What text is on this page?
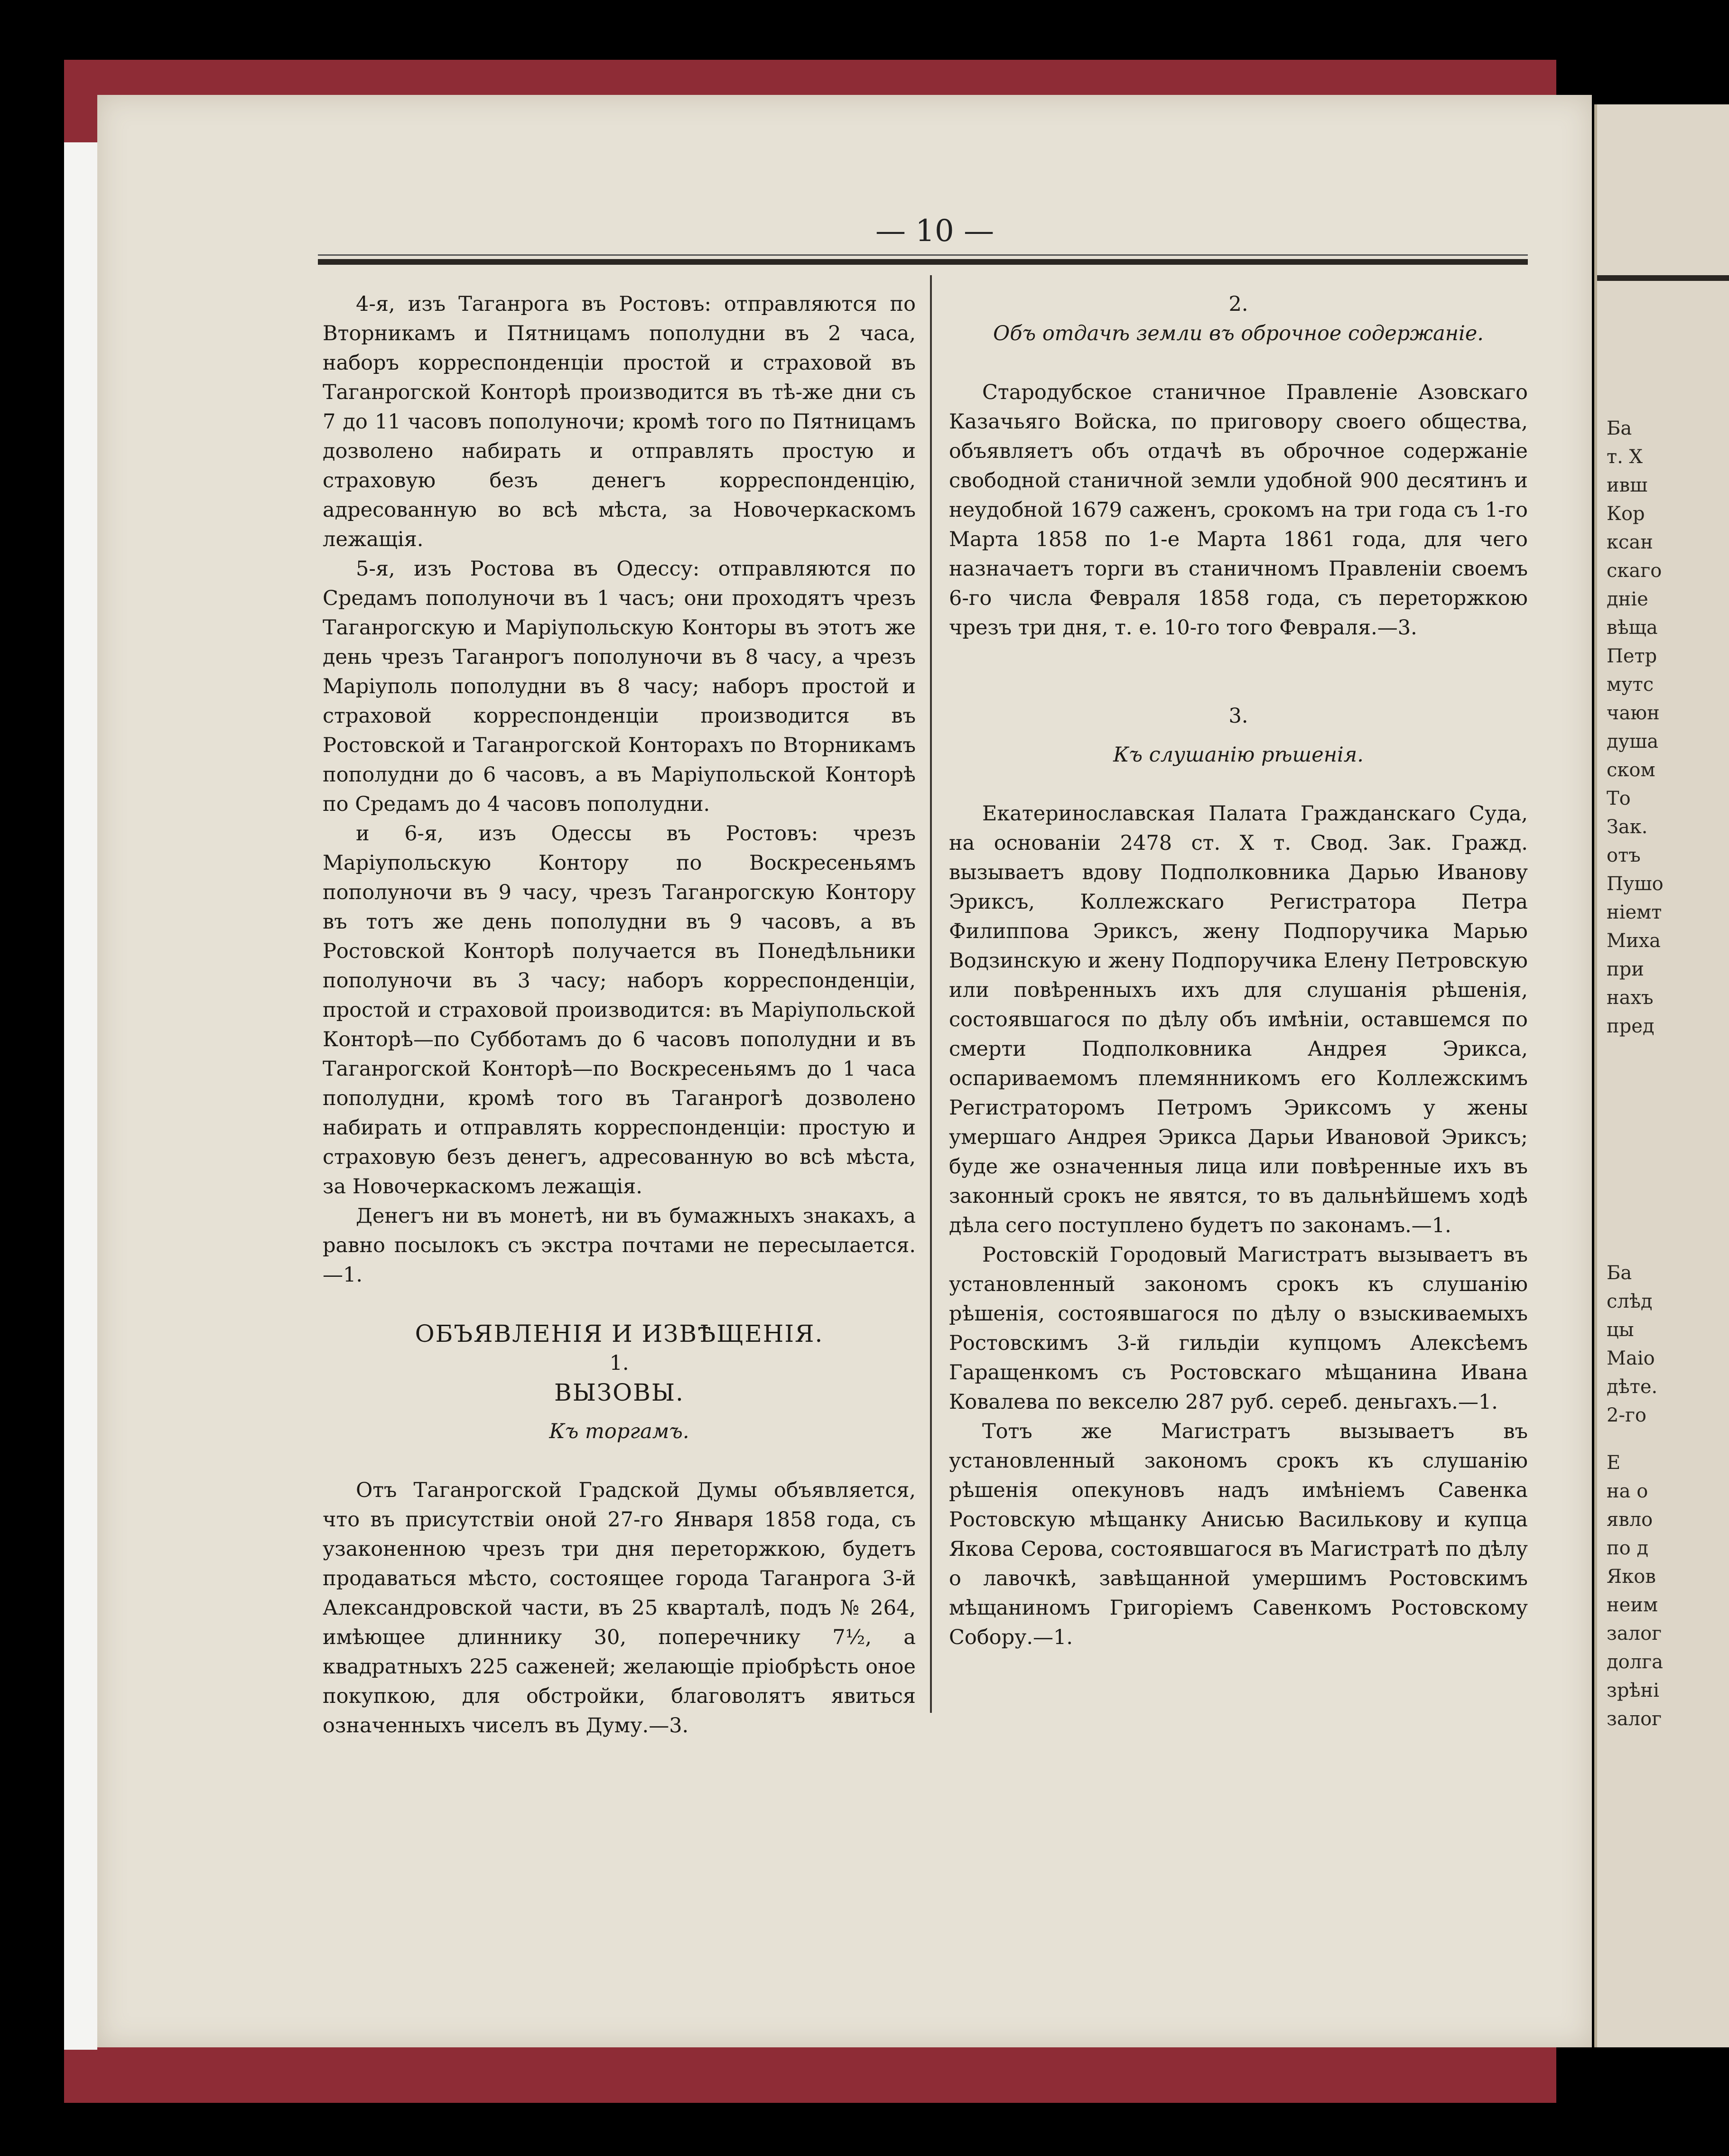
Ба
т. X
ивш
Кор
ксан
скаго
дніе
вѣща
Петр
мутс
чаюн
душа
ском
То
Зак.
отъ
Пушо
ніемт
Миха
при
нахъ
пред
Ба
слѣд
цы
Маіо
дѣте.
2-го
Е
на о
явло
по д
Яков
неим
залог
долга
зрѣні
залог
— 10 —

4-я, изъ Таганрога въ Ростовъ: отправляются по Вторникамъ и Пятницамъ пополудни въ 2 часа, наборъ корреспонденціи простой и страховой въ Таганрогской Конторѣ производится въ тѣ-же дни съ 7 до 11 часовъ пополуночи; кромѣ того по Пятницамъ дозволено набирать и отправлять простую и страховую безъ денегъ корреспонденцію, адресованную во всѣ мѣста, за Новочеркаскомъ лежащія.

5-я, изъ Ростова въ Одессу: отправляются по Средамъ пополуночи въ 1 часъ; они проходятъ чрезъ Таганрогскую и Маріупольскую Конторы въ этотъ же день чрезъ Таганрогъ пополуночи въ 8 часу, а чрезъ Маріуполь пополудни въ 8 часу; наборъ простой и страховой корреспонденціи производится въ Ростовской и Таганрогской Конторахъ по Вторникамъ пополудни до 6 часовъ, а въ Маріупольской Конторѣ по Средамъ до 4 часовъ пополудни.

и 6-я, изъ Одессы въ Ростовъ: чрезъ Маріупольскую Контору по Воскресеньямъ пополуночи въ 9 часу, чрезъ Таганрогскую Контору въ тотъ же день пополудни въ 9 часовъ, а въ Ростовской Конторѣ получается въ Понедѣльники пополуночи въ 3 часу; наборъ корреспонденціи, простой и страховой производится: въ Маріупольской Конторѣ—по Субботамъ до 6 часовъ пополудни и въ Таганрогской Конторѣ—по Воскресеньямъ до 1 часа пополудни, кромѣ того въ Таганрогѣ дозволено набирать и отправлять корреспонденціи: простую и страховую безъ денегъ, адресованную во всѣ мѣста, за Новочеркаскомъ лежащія.

Денегъ ни въ монетѣ, ни въ бумажныхъ знакахъ, а равно посылокъ съ экстра почтами не пересылается.—1.

ОБЪЯВЛЕНІЯ И ИЗВѢЩЕНІЯ.

1.

ВЫЗОВЫ.

Къ торгамъ.

Отъ Таганрогской Градской Думы объявляется, что въ присутствіи оной 27-го Января 1858 года, съ узаконенною чрезъ три дня переторжкою, будетъ продаваться мѣсто, состоящее города Таганрога 3-й Александровской части, въ 25 кварталѣ, подъ № 264, имѣющее длиннику 30, поперечнику 7½, а квадратныхъ 225 саженей; желающіе пріобрѣсть оное покупкою, для обстройки, благоволятъ явиться означенныхъ чиселъ въ Думу.—3.

2.

Объ отдачѣ земли въ оброчное содержаніе.

Стародубское станичное Правленіе Азовскаго Казачьяго Войска, по приговору своего общества, объявляетъ объ отдачѣ въ оброчное содержаніе свободной станичной земли удобной 900 десятинъ и неудобной 1679 саженъ, срокомъ на три года съ 1-го Марта 1858 по 1-е Марта 1861 года, для чего назначаетъ торги въ станичномъ Правленіи своемъ 6-го числа Февраля 1858 года, съ переторжкою чрезъ три дня, т. е. 10-го того Февраля.—3.

3.

Къ слушанію рѣшенія.

Екатеринославская Палата Гражданскаго Суда, на основаніи 2478 ст. X т. Свод. Зак. Гражд. вызываетъ вдову Подполковника Дарью Иванову Эриксъ, Коллежскаго Регистратора Петра Филиппова Эриксъ, жену Подпоручика Марью Водзинскую и жену Подпоручика Елену Петровскую или повѣренныхъ ихъ для слушанія рѣшенія, состоявшагося по дѣлу объ имѣніи, оставшемся по смерти Подполковника Андрея Эрикса, оспариваемомъ племянникомъ его Коллежскимъ Регистраторомъ Петромъ Эриксомъ у жены умершаго Андрея Эрикса Дарьи Ивановой Эриксъ; буде же означенныя лица или повѣренные ихъ въ законный срокъ не явятся, то въ дальнѣйшемъ ходѣ дѣла сего поступлено будетъ по законамъ.—1.

Ростовскій Городовый Магистратъ вызываетъ въ установленный закономъ срокъ къ слушанію рѣшенія, состоявшагося по дѣлу о взыскиваемыхъ Ростовскимъ 3-й гильдіи купцомъ Алексѣемъ Гаращенкомъ съ Ростовскаго мѣщанина Ивана Ковалева по векселю 287 руб. сереб. деньгахъ.—1.

Тотъ же Магистратъ вызываетъ въ установленный закономъ срокъ къ слушанію рѣшенія опекуновъ надъ имѣніемъ Савенка Ростовскую мѣщанку Анисью Васильковy и купца Якова Серова, состоявшагося въ Магистратѣ по дѣлу о лавочкѣ, завѣщанной умершимъ Ростовскимъ мѣщаниномъ Григоріемъ Савенкомъ Ростовскому Собору.—1.
